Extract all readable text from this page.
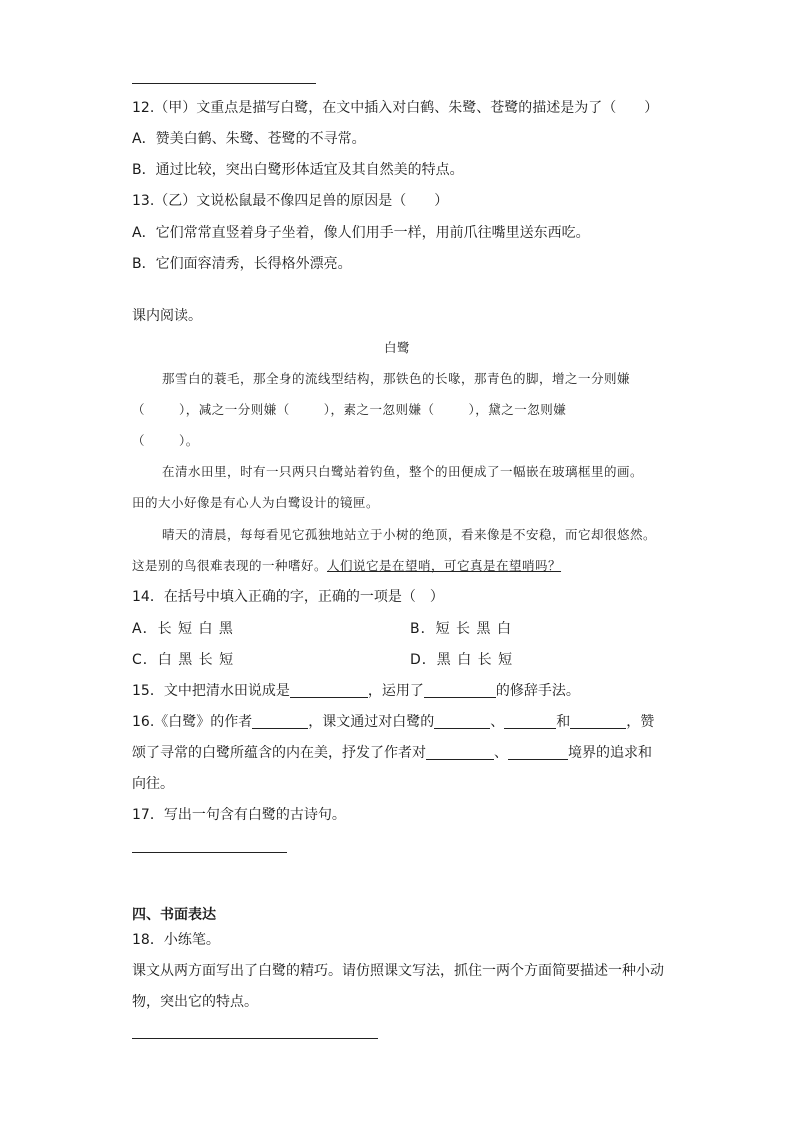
12.（甲）文重点是描写白鹭，在文中插入对白鹤、朱鹭、苍鹭的描述是为了（　　）
A．赞美白鹤、朱鹭、苍鹭的不寻常。
B．通过比较，突出白鹭形体适宜及其自然美的特点。
13.（乙）文说松鼠最不像四足兽的原因是（　　）
A．它们常常直竖着身子坐着，像人们用手一样，用前爪往嘴里送东西吃。
B．它们面容清秀，长得格外漂亮。
课内阅读。
白鹭
那雪白的蓑毛，那全身的流线型结构，那铁色的长喙，那青色的脚，增之一分则嫌
（	），减之一分则嫌（	），素之一忽则嫌（	），黛之一忽则嫌
（	）。
在清水田里，时有一只两只白鹭站着钓鱼，整个的田便成了一幅嵌在玻璃框里的画。
田的大小好像是有心人为白鹭设计的镜匣。
晴天的清晨，每每看见它孤独地站立于小树的绝顶，看来像是不安稳，而它却很悠然。
这是别的鸟很难表现的一种嗜好。人们说它是在望哨，可它真是在望哨吗？
14．在括号中填入正确的字，正确的一项是（　）
A．长 短 白 黑	B．短 长 黑 白
C．白 黑 长 短	D．黑 白 长 短
15．文中把清水田说成是	，运用了	的修辞手法。
16.《白鹭》的作者	，课文通过对白鹭的	、	和	，赞
颂了寻常的白鹭所蕴含的内在美，抒发了作者对	、	境界的追求和
向往。
17．写出一句含有白鹭的古诗句。
四、书面表达
18．小练笔。
课文从两方面写出了白鹭的精巧。请仿照课文写法，抓住一两个方面简要描述一种小动
物，突出它的特点。
